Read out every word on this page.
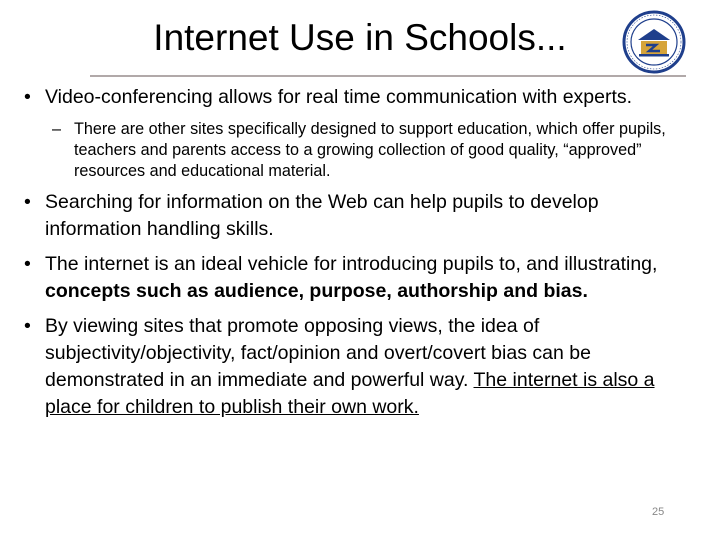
Internet Use in Schools...

• Video-conferencing allows for real time communication with experts.

– There are other sites specifically designed to support education, which offer pupils, teachers and parents access to a growing collection of good quality, “approved” resources and educational material.

• Searching for information on the Web can help pupils to develop information handling skills.

• The internet is an ideal vehicle for introducing pupils to, and illustrating, concepts such as audience, purpose, authorship and bias.

• By viewing sites that promote opposing views, the idea of subjectivity/objectivity, fact/opinion and overt/covert bias can be demonstrated in an immediate and powerful way. The internet is also a place for children to publish their own work.

25
